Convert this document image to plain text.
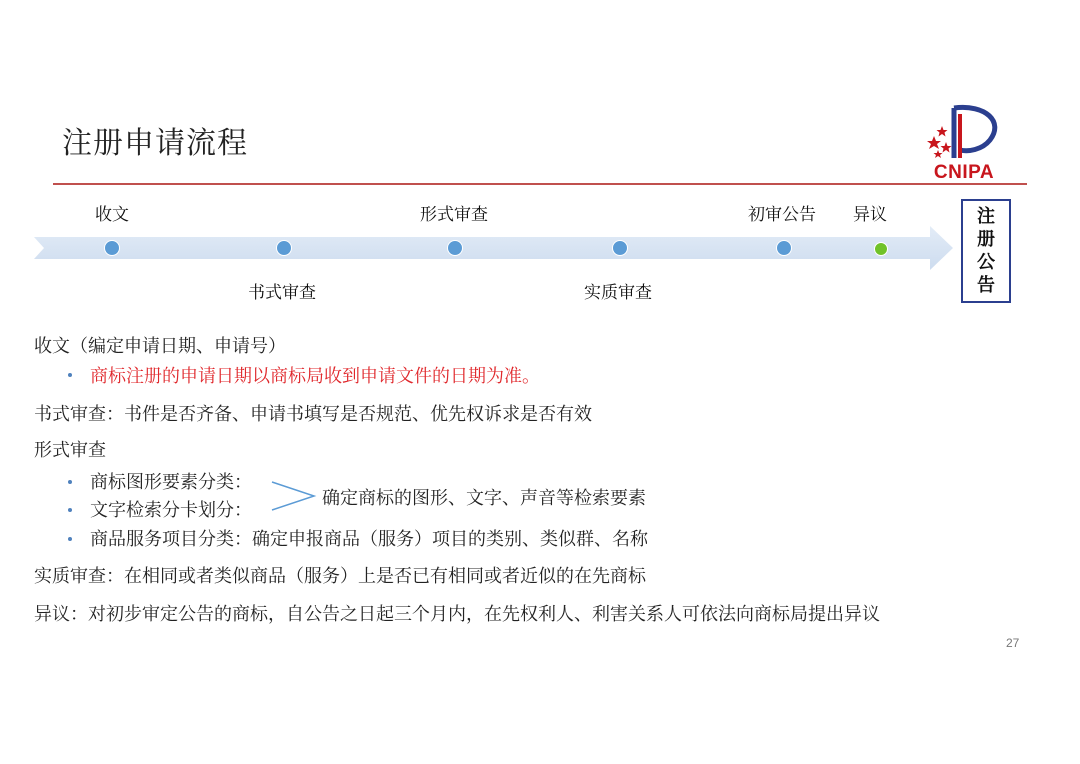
注册申请流程
CNIPA
收文	形式审查	初审公告 异议
书式审查	实质审查
注
册
公
告
收文（编定申请日期、申请号）
商标注册的申请日期以商标局收到申请文件的日期为准。
书式审查：书件是否齐备、申请书填写是否规范、优先权诉求是否有效
形式审查
商标图形要素分类：
文字检索分卡划分：
确定商标的图形、文字、声音等检索要素
商品服务项目分类：确定申报商品（服务）项目的类别、类似群、名称
实质审查：在相同或者类似商品（服务）上是否已有相同或者近似的在先商标
异议：对初步审定公告的商标，自公告之日起三个月内，在先权利人、利害关系人可依法向商标局提出异议
27
